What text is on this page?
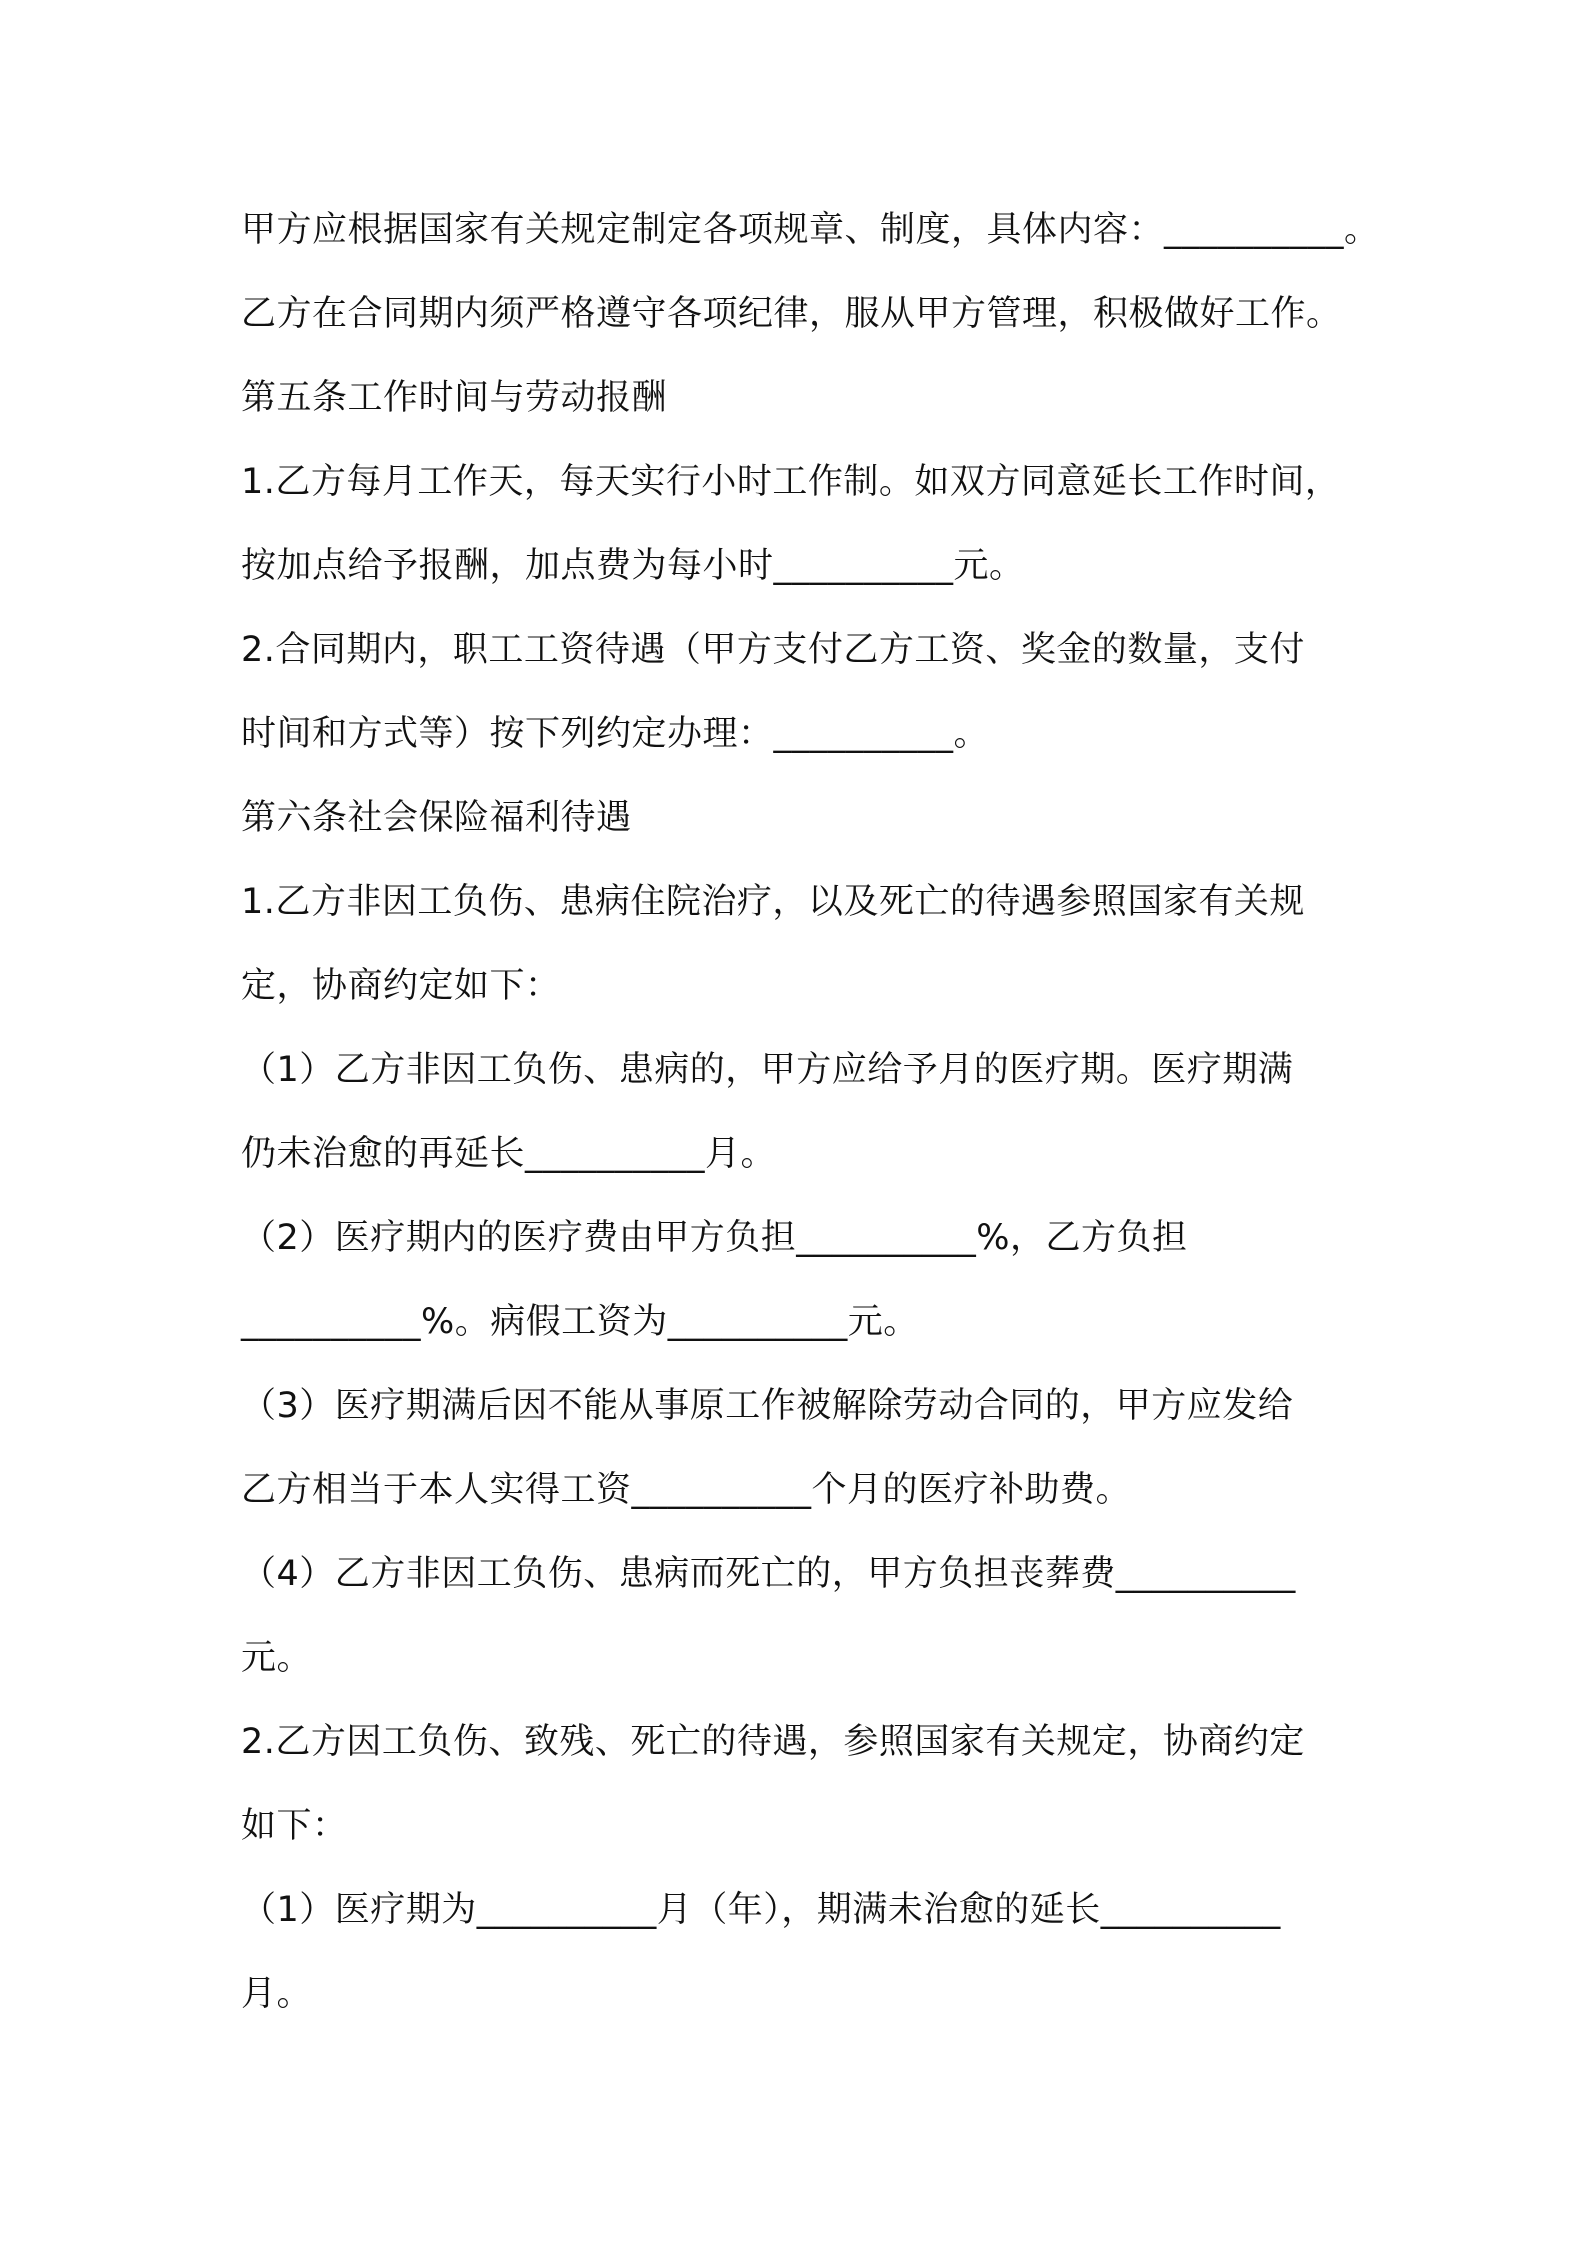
甲方应根据国家有关规定制定各项规章、制度，具体内容：__________。
乙方在合同期内须严格遵守各项纪律，服从甲方管理，积极做好工作。
第五条工作时间与劳动报酬
1.乙方每月工作天，每天实行小时工作制。如双方同意延长工作时间，
按加点给予报酬，加点费为每小时__________元。
2.合同期内，职工工资待遇（甲方支付乙方工资、奖金的数量，支付
时间和方式等）按下列约定办理：__________。
第六条社会保险福利待遇
1.乙方非因工负伤、患病住院治疗，以及死亡的待遇参照国家有关规
定，协商约定如下：
（1）乙方非因工负伤、患病的，甲方应给予月的医疗期。医疗期满
仍未治愈的再延长__________月。
（2）医疗期内的医疗费由甲方负担__________%，乙方负担
__________%。病假工资为__________元。
（3）医疗期满后因不能从事原工作被解除劳动合同的，甲方应发给
乙方相当于本人实得工资__________个月的医疗补助费。
（4）乙方非因工负伤、患病而死亡的，甲方负担丧葬费__________
元。
2.乙方因工负伤、致残、死亡的待遇，参照国家有关规定，协商约定
如下：
（1）医疗期为__________月（年），期满未治愈的延长__________
月。
